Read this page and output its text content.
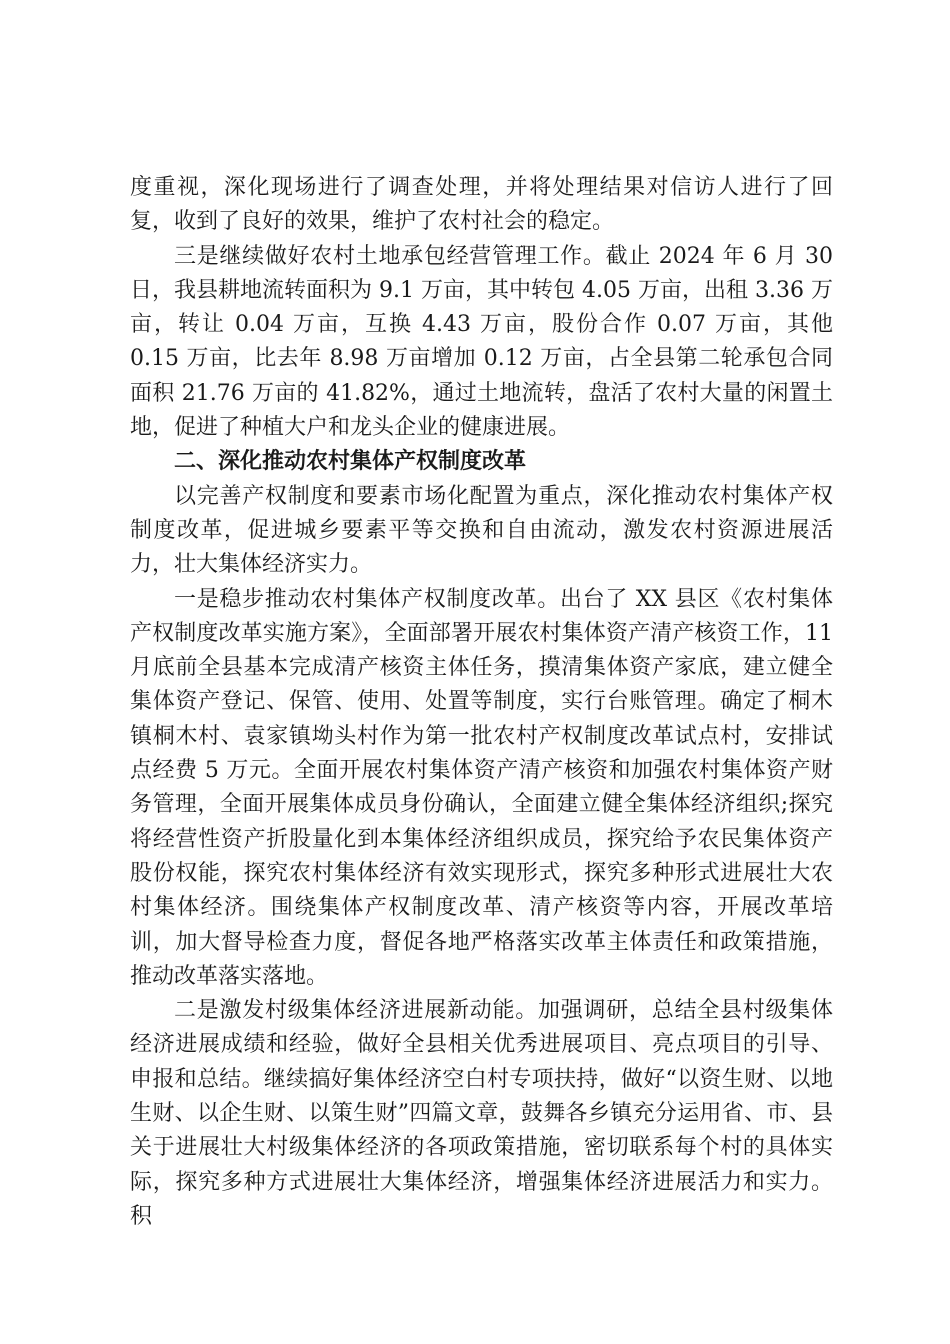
度重视，深化现场进行了调查处理，并将处理结果对信访人进行了回复，收到了良好的效果，维护了农村社会的稳定。

三是继续做好农村土地承包经营管理工作。截止 2024 年 6 月 30 日，我县耕地流转面积为 9.1 万亩，其中转包 4.05 万亩，出租 3.36 万亩，转让 0.04 万亩，互换 4.43 万亩，股份合作 0.07 万亩，其他 0.15 万亩，比去年 8.98 万亩增加 0.12 万亩，占全县第二轮承包合同面积 21.76 万亩的 41.82%，通过土地流转，盘活了农村大量的闲置土地，促进了种植大户和龙头企业的健康进展。

二、深化推动农村集体产权制度改革

以完善产权制度和要素市场化配置为重点，深化推动农村集体产权制度改革，促进城乡要素平等交换和自由流动，激发农村资源进展活力，壮大集体经济实力。

一是稳步推动农村集体产权制度改革。出台了 XX 县区《农村集体产权制度改革实施方案》，全面部署开展农村集体资产清产核资工作，11 月底前全县基本完成清产核资主体任务，摸清集体资产家底，建立健全集体资产登记、保管、使用、处置等制度，实行台账管理。确定了桐木镇桐木村、袁家镇坳头村作为第一批农村产权制度改革试点村，安排试点经费 5 万元。全面开展农村集体资产清产核资和加强农村集体资产财务管理，全面开展集体成员身份确认，全面建立健全集体经济组织;探究将经营性资产折股量化到本集体经济组织成员，探究给予农民集体资产股份权能，探究农村集体经济有效实现形式，探究多种形式进展壮大农村集体经济。围绕集体产权制度改革、清产核资等内容，开展改革培训，加大督导检查力度，督促各地严格落实改革主体责任和政策措施，推动改革落实落地。

二是激发村级集体经济进展新动能。加强调研，总结全县村级集体经济进展成绩和经验，做好全县相关优秀进展项目、亮点项目的引导、申报和总结。继续搞好集体经济空白村专项扶持，做好“以资生财、以地生财、以企生财、以策生财”四篇文章，鼓舞各乡镇充分运用省、市、县关于进展壮大村级集体经济的各项政策措施，密切联系每个村的具体实际，探究多种方式进展壮大集体经济，增强集体经济进展活力和实力。积
